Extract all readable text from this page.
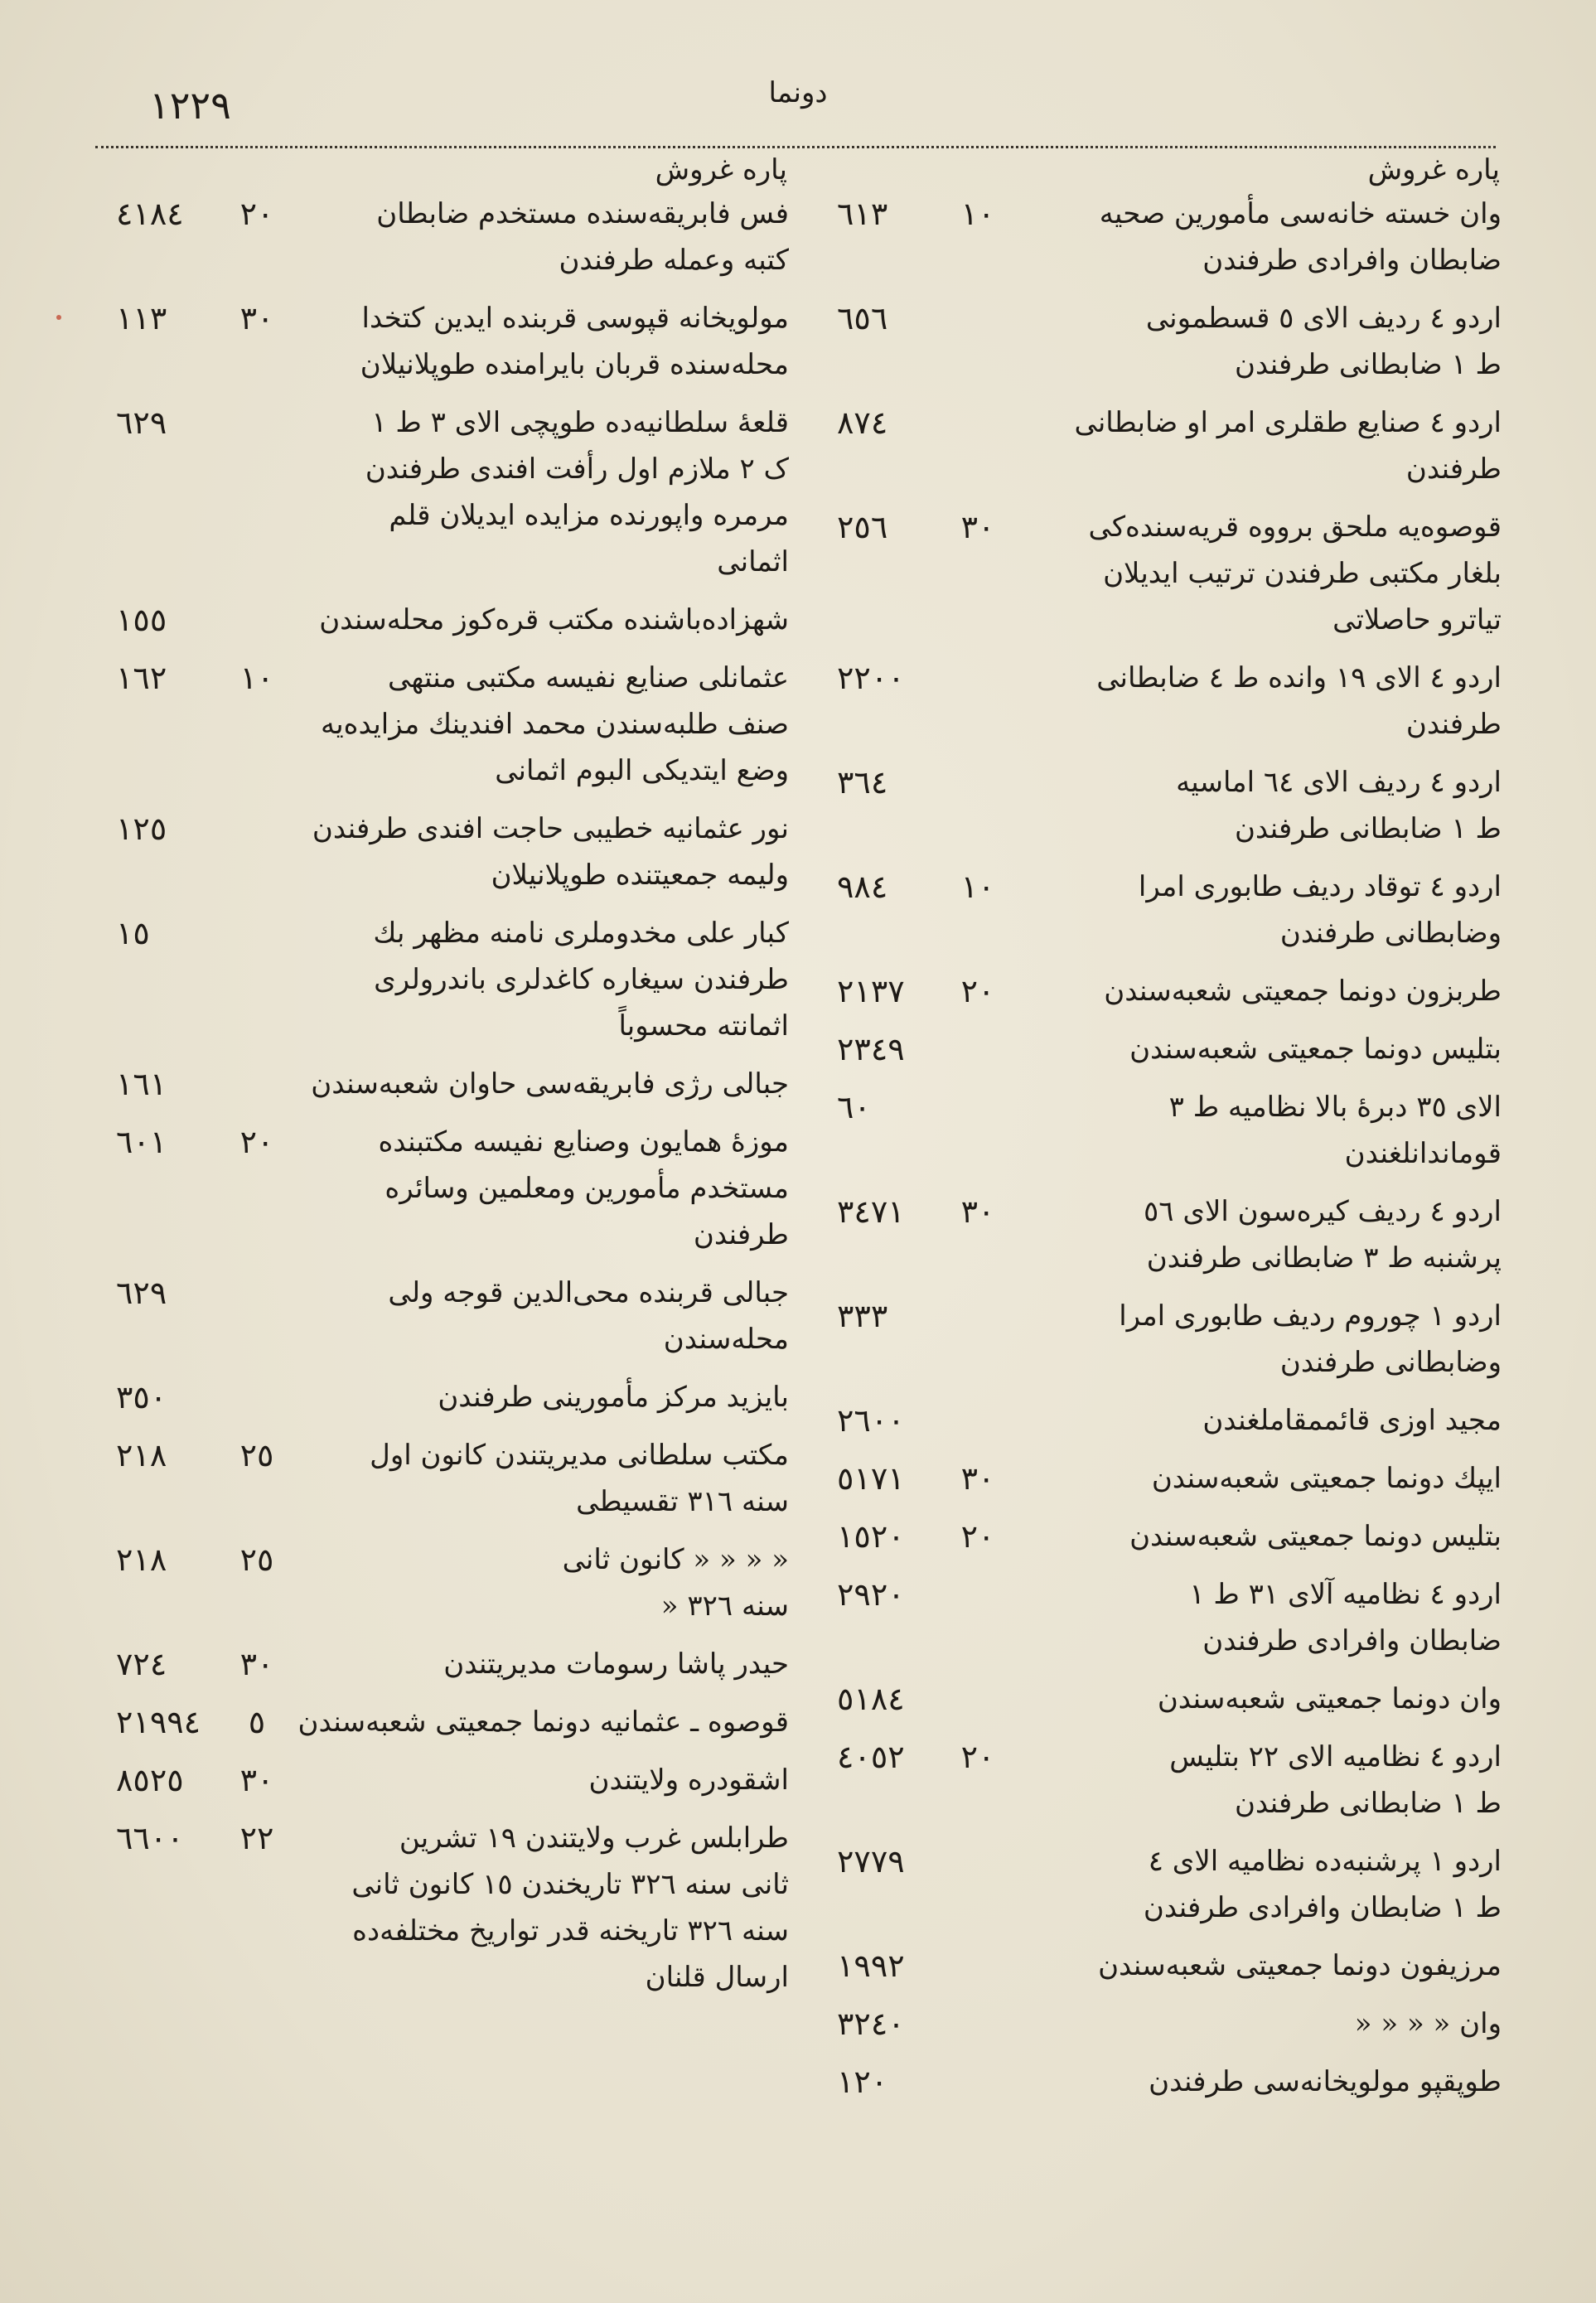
١٢٢٩	دونما
پاره غروش
وان خسته خانه‌سی مأمورین صحیه
ضابطان وافرادی طرفندن
١٠
٦١٣
اردو ٤ ردیف الای ٥ قسطمونی
ط ١ ضابطانی طرفندن
٦٥٦
اردو ٤ صنایع طقلری امر او ضابطانی
طرفندن
٨٧٤
قوصوه‌یه ملحق برووه قریه‌سنده‌کی
بلغار مکتبی طرفندن ترتیب ایدیلان
تیاترو حاصلاتی
٣٠
٢٥٦
اردو ٤ الای ١٩ وانده ط ٤ ضابطانی
طرفندن
٢٢٠٠
اردو ٤ ردیف الای ٦٤ اماسیه
ط ١ ضابطانی طرفندن
٣٦٤
اردو ٤ توقاد ردیف طابوری امرا
وضابطانی طرفندن
١٠
٩٨٤
طربزون دونما جمعیتی شعبه‌سندن
٢٠
٢١٣٧
بتلیس دونما جمعیتی شعبه‌سندن
٢٣٤٩
الای ٣٥ دبرهٔ بالا نظامیه ط ٣
قوماندانلغندن
٦٠
اردو ٤ ردیف کیره‌سون الای ٥٦
پرشنبه ط ٣ ضابطانی طرفندن
٣٠
٣٤٧١
اردو ١ چوروم ردیف طابوری امرا
وضابطانی طرفندن
٣٣٣
مجید اوزی قائممقاملغندن
٢٦٠٠
ایپك دونما جمعیتی شعبه‌سندن
٣٠
٥١٧١
بتلیس دونما جمعیتی شعبه‌سندن
٢٠
١٥٢٠
اردو ٤ نظامیه آلای ٣١ ط ١
ضابطان وافرادی طرفندن
٢٩٢٠
وان دونما جمعیتی شعبه‌سندن
٥١٨٤
اردو ٤ نظامیه الای ٢٢ بتلیس
ط ١ ضابطانی طرفندن
٢٠
٤٠٥٢
اردو ١ پرشنبه‌ده نظامیه الای ٤
ط ١ ضابطان وافرادی طرفندن
٢٧٧٩
مرزیفون دونما جمعیتی شعبه‌سندن
١٩٩٢
وان « « « «
٣٢٤٠
طوپقپو مولویخانه‌سی طرفندن
١٢٠
پاره غروش
فس فابریقه‌سنده مستخدم ضابطان
کتبه وعمله طرفندن
٢٠
٤١٨٤
مولویخانه قپوسی قربنده ایدین کتخدا
محله‌سنده قربان بایرامنده طوپلانیلان
٣٠
١١٣
قلعهٔ سلطانیه‌ده طوپچی الای ٣ ط ١
ک ٢ ملازم اول رأفت افندی طرفندن
مرمره واپورنده مزایده ایدیلان قلم
اثمانی
٦٢٩
شهزاده‌باشنده مکتب قره‌کوز محله‌سندن
١٥٥
عثمانلی صنایع نفیسه مکتبی منتهی
صنف طلبه‌سندن محمد افندینك مزایده‌یه
وضع ایتدیکی البوم اثمانی
١٠
١٦٢
نور عثمانیه خطیبی حاجت افندی طرفندن
ولیمه جمعیتنده طوپلانیلان
١٢٥
کبار علی مخدوملری نامنه مظهر بك
طرفندن سیغاره کاغدلری باندرولری
اثمانته محسوباً
١٥
جبالی رژی فابریقه‌سی حاوان شعبه‌سندن
١٦١
موزهٔ همایون وصنایع نفیسه مکتبنده
مستخدم مأمورین ومعلمین وسائره
طرفندن
٢٠
٦٠١
جبالی قربنده محی‌الدین قوجه ولی
محله‌سندن
٦٢٩
بایزید مرکز مأمورینی طرفندن
٣٥٠
مکتب سلطانی مدیریتندن کانون اول
سنه ٣١٦ تقسیطی
٢٥
٢١٨
« « « « کانون ثانی
سنه ٣٢٦ «
٢٥
٢١٨
حیدر پاشا رسومات مدیریتندن
٣٠
٧٢٤
قوصوه ـ عثمانیه دونما جمعیتی شعبه‌سندن
٥
٢١٩٩٤
اشقودره ولایتندن
٣٠
٨٥٢٥
طرابلس غرب ولایتندن ١٩ تشرین
ثانی سنه ٣٢٦ تاریخندن ١٥ کانون ثانی
سنه ٣٢٦ تاریخنه قدر تواریخ مختلفه‌ده
ارسال قلنان
٢٢
٦٦٠٠
